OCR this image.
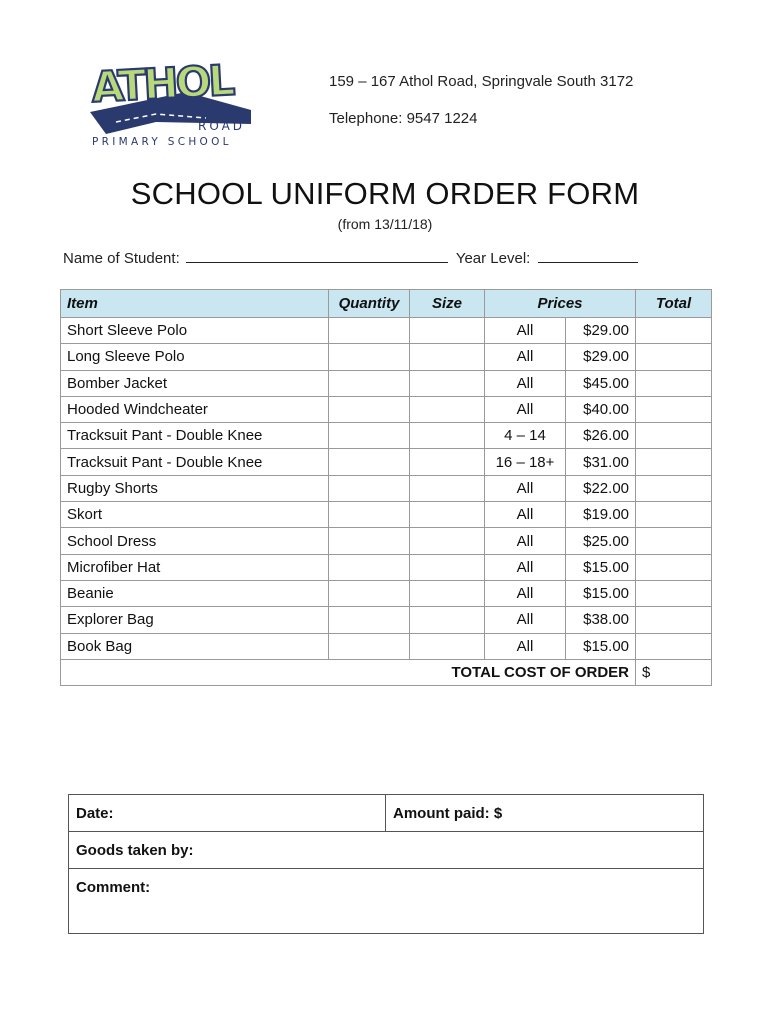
ATHOL
ROAD
PRIMARY SCHOOL
159 – 167 Athol Road, Springvale South 3172
Telephone: 9547 1224
SCHOOL UNIFORM ORDER FORM
(from 13/11/18)
Name of Student:	Year Level:
Item	Quantity	Size	Prices		Total
Short Sleeve Polo			All	$29.00	
Long Sleeve Polo			All	$29.00	
Bomber Jacket			All	$45.00	
Hooded Windcheater			All	$40.00	
Tracksuit Pant - Double Knee			4 – 14	$26.00	
Tracksuit Pant - Double Knee			16 – 18+	$31.00	
Rugby Shorts			All	$22.00	
Skort			All	$19.00	
School Dress			All	$25.00	
Microfiber Hat			All	$15.00	
Beanie			All	$15.00	
Explorer Bag			All	$38.00	
Book Bag			All	$15.00	
TOTAL COST OF ORDER					$
Date:	Amount paid: $
Goods taken by:
Comment:
